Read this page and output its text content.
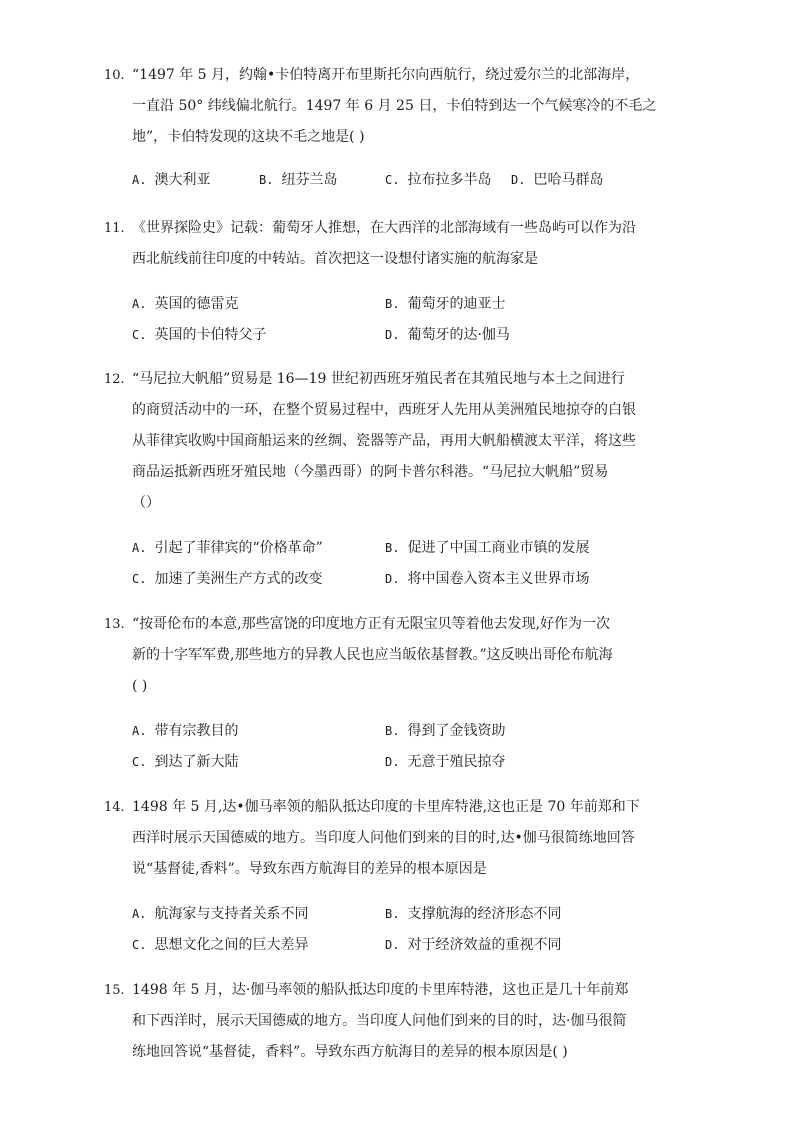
10. “1497 年 5 月，约翰•卡伯特离开布里斯托尔向西航行，绕过爱尔兰的北部海岸，

一直沿 50° 纬线偏北航行。1497 年 6 月 25 日，卡伯特到达一个气候寒冷的不毛之

地”，卡伯特发现的这块不毛之地是( )

A. 澳大利亚	B. 纽芬兰岛	C. 拉布拉多半岛	D. 巴哈马群岛
11. 《世界探险史》记载：葡萄牙人推想，在大西洋的北部海域有一些岛屿可以作为沿

西北航线前往印度的中转站。首次把这一设想付诸实施的航海家是

A. 英国的德雷克	B. 葡萄牙的迪亚士
C. 英国的卡伯特父子	D. 葡萄牙的达·伽马
12. “马尼拉大帆船”贸易是 16—19 世纪初西班牙殖民者在其殖民地与本土之间进行

的商贸活动中的一环，在整个贸易过程中，西班牙人先用从美洲殖民地掠夺的白银

从菲律宾收购中国商船运来的丝绸、瓷器等产品，再用大帆船横渡太平洋，将这些

商品运抵新西班牙殖民地（今墨西哥）的阿卡普尔科港。“马尼拉大帆船”贸易

（）

A. 引起了菲律宾的“价格革命”	B. 促进了中国工商业市镇的发展
C. 加速了美洲生产方式的改变	D. 将中国卷入资本主义世界市场
13. “按哥伦布的本意,那些富饶的印度地方正有无限宝贝等着他去发现,好作为一次

新的十字军军费,那些地方的异教人民也应当皈依基督教。”这反映出哥伦布航海

( )

A. 带有宗教目的	B. 得到了金钱资助
C. 到达了新大陆	D. 无意于殖民掠夺
14. 1498 年 5 月,达•伽马率领的船队抵达印度的卡里库特港,这也正是 70 年前郑和下

西洋时展示天国德威的地方。当印度人问他们到来的目的时,达•伽马很简练地回答

说“基督徒,香料”。导致东西方航海目的差异的根本原因是

A. 航海家与支持者关系不同	B. 支撑航海的经济形态不同
C. 思想文化之间的巨大差异	D. 对于经济效益的重视不同
15. 1498 年 5 月，达·伽马率领的船队抵达印度的卡里库特港，这也正是几十年前郑

和下西洋时，展示天国德威的地方。当印度人问他们到来的目的时，达·伽马很简

练地回答说“基督徒，香料”。导致东西方航海目的差异的根本原因是( )
